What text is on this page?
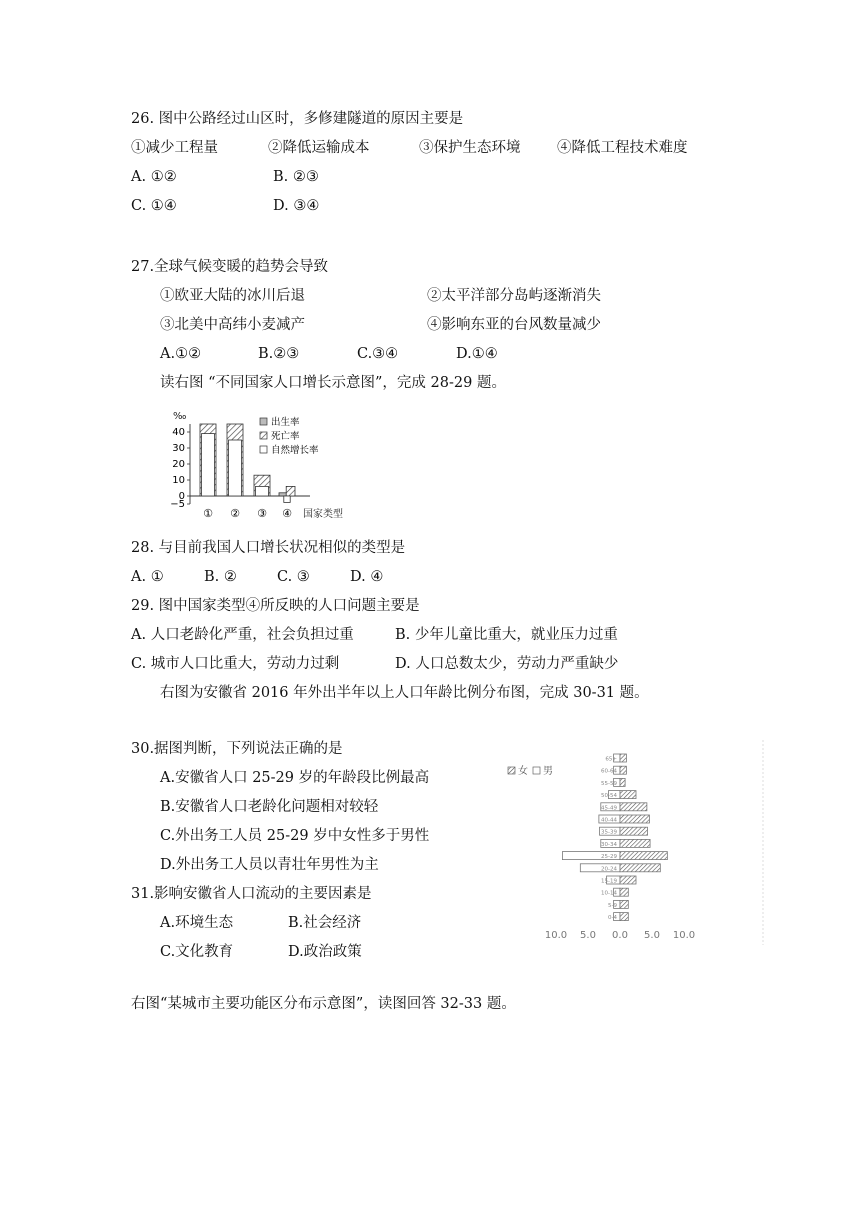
26. 图中公路经过山区时，多修建隧道的原因主要是
①减少工程量	②降低运输成本	③保护生态环境	④降低工程技术难度
A. ①②	B. ②③
C. ①④	D. ③④
27.全球气候变暖的趋势会导致
①欧亚大陆的冰川后退	②太平洋部分岛屿逐渐消失
③北美中高纬小麦减产	④影响东亚的台风数量减少
A.①②	B.②③	C.③④	D.①④
读右图 “不同国家人口增长示意图”，完成 28-29 题。
‰
40
30
20
10
0
−5
① ② ③ ④
出生率
死亡率
自然增长率
国家类型
28. 与目前我国人口增长状况相似的类型是
A. ①	B. ②	C. ③	D. ④
29. 图中国家类型④所反映的人口问题主要是
A. 人口老龄化严重，社会负担过重	B. 少年儿童比重大，就业压力过重
C. 城市人口比重大，劳动力过剩	D. 人口总数太少，劳动力严重缺少
右图为安徽省 2016 年外出半年以上人口年龄比例分布图，完成 30-31 题。
30.据图判断，下列说法正确的是
A.安徽省人口 25-29 岁的年龄段比例最高
B.安徽省人口老龄化问题相对较轻
C.外出务工人员 25-29 岁中女性多于男性
D.外出务工人员以青壮年男性为主
31.影响安徽省人口流动的主要因素是
A.环境生态	B.社会经济
C.文化教育	D.政治政策
女 男
65+
60-64
55-59
50-54
45-49
40-44
35-39
30-34
25-29
20-24
15-19
10-14
5-9
0-4
10.0 5.0 0.0 5.0 10.0
右图“某城市主要功能区分布示意图”，读图回答 32-33 题。
